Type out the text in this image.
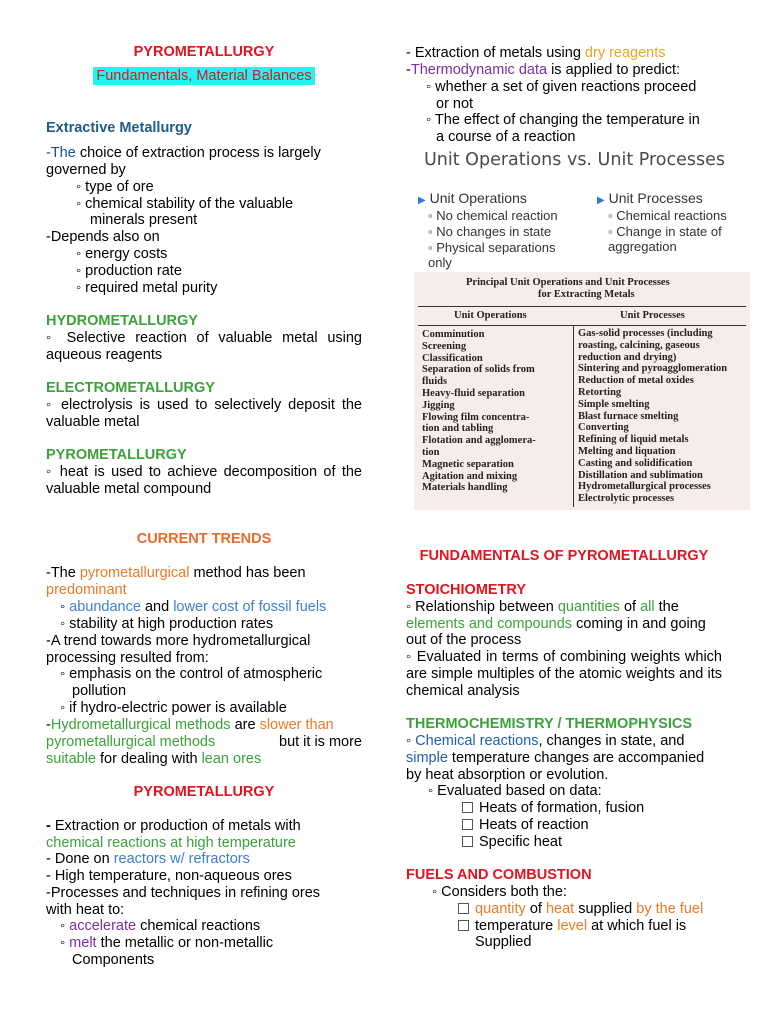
PYROMETALLURGY
Fundamentals, Material Balances
Extractive Metallurgy
-The choice of extraction process is largely
governed by
◦ type of ore
◦ chemical stability of the valuable
minerals present
-Depends also on
◦ energy costs
◦ production rate
◦ required metal purity
HYDROMETALLURGY
◦ Selective reaction of valuable metal using aqueous reagents
ELECTROMETALLURGY
◦ electrolysis is used to selectively deposit the valuable metal
PYROMETALLURGY
◦ heat is used to achieve decomposition of the valuable metal compound
CURRENT TRENDS
-The pyrometallurgical method has been
predominant
◦ abundance and lower cost of fossil fuels
◦ stability at high production rates
-A trend towards more hydrometallurgical
processing resulted from:
◦ emphasis on the control of atmospheric
pollution
◦ if hydro-electric power is available
-Hydrometallurgical methods are slower than
pyrometallurgical methods	but it is more
suitable for dealing with lean ores
PYROMETALLURGY
- Extraction or production of metals with
chemical reactions at high temperature
- Done on reactors w/ refractors
- High temperature, non-aqueous ores
-Processes and techniques in refining ores
with heat to:
◦ accelerate chemical reactions
◦ melt the metallic or non-metallic
Components
- Extraction of metals using dry reagents
-Thermodynamic data is applied to predict:
◦ whether a set of given reactions proceed
or not
◦ The effect of changing the temperature in
a course of a reaction
Unit Operations vs. Unit Processes
▶ Unit Operations
◦ No chemical reaction
◦ No changes in state
◦ Physical separations
only
▶ Unit Processes
◦ Chemical reactions
◦ Change in state of
aggregation
Principal Unit Operations and Unit Processes
for Extracting Metals
Unit Operations	Unit Processes
Comminution
Screening
Classification
Separation of solids from
fluids
Heavy-fluid separation
Jigging
Flowing film concentra-
tion and tabling
Flotation and agglomera-
tion
Magnetic separation
Agitation and mixing
Materials handling
Gas-solid processes (including
roasting, calcining, gaseous
reduction and drying)
Sintering and pyroagglomeration
Reduction of metal oxides
Retorting
Simple smelting
Blast furnace smelting
Converting
Refining of liquid metals
Melting and liquation
Casting and solidification
Distillation and sublimation
Hydrometallurgical processes
Electrolytic processes
FUNDAMENTALS OF PYROMETALLURGY
STOICHIOMETRY
◦ Relationship between quantities of all the
elements and compounds coming in and going
out of the process
◦ Evaluated in terms of combining weights which are simple multiples of the atomic weights and its chemical analysis
THERMOCHEMISTRY / THERMOPHYSICS
◦ Chemical reactions, changes in state, and
simple temperature changes are accompanied
by heat absorption or evolution.
◦ Evaluated based on data:
Heats of formation, fusion
Heats of reaction
Specific heat
FUELS AND COMBUSTION
◦ Considers both the:
quantity of heat supplied by the fuel
temperature level at which fuel is
Supplied
